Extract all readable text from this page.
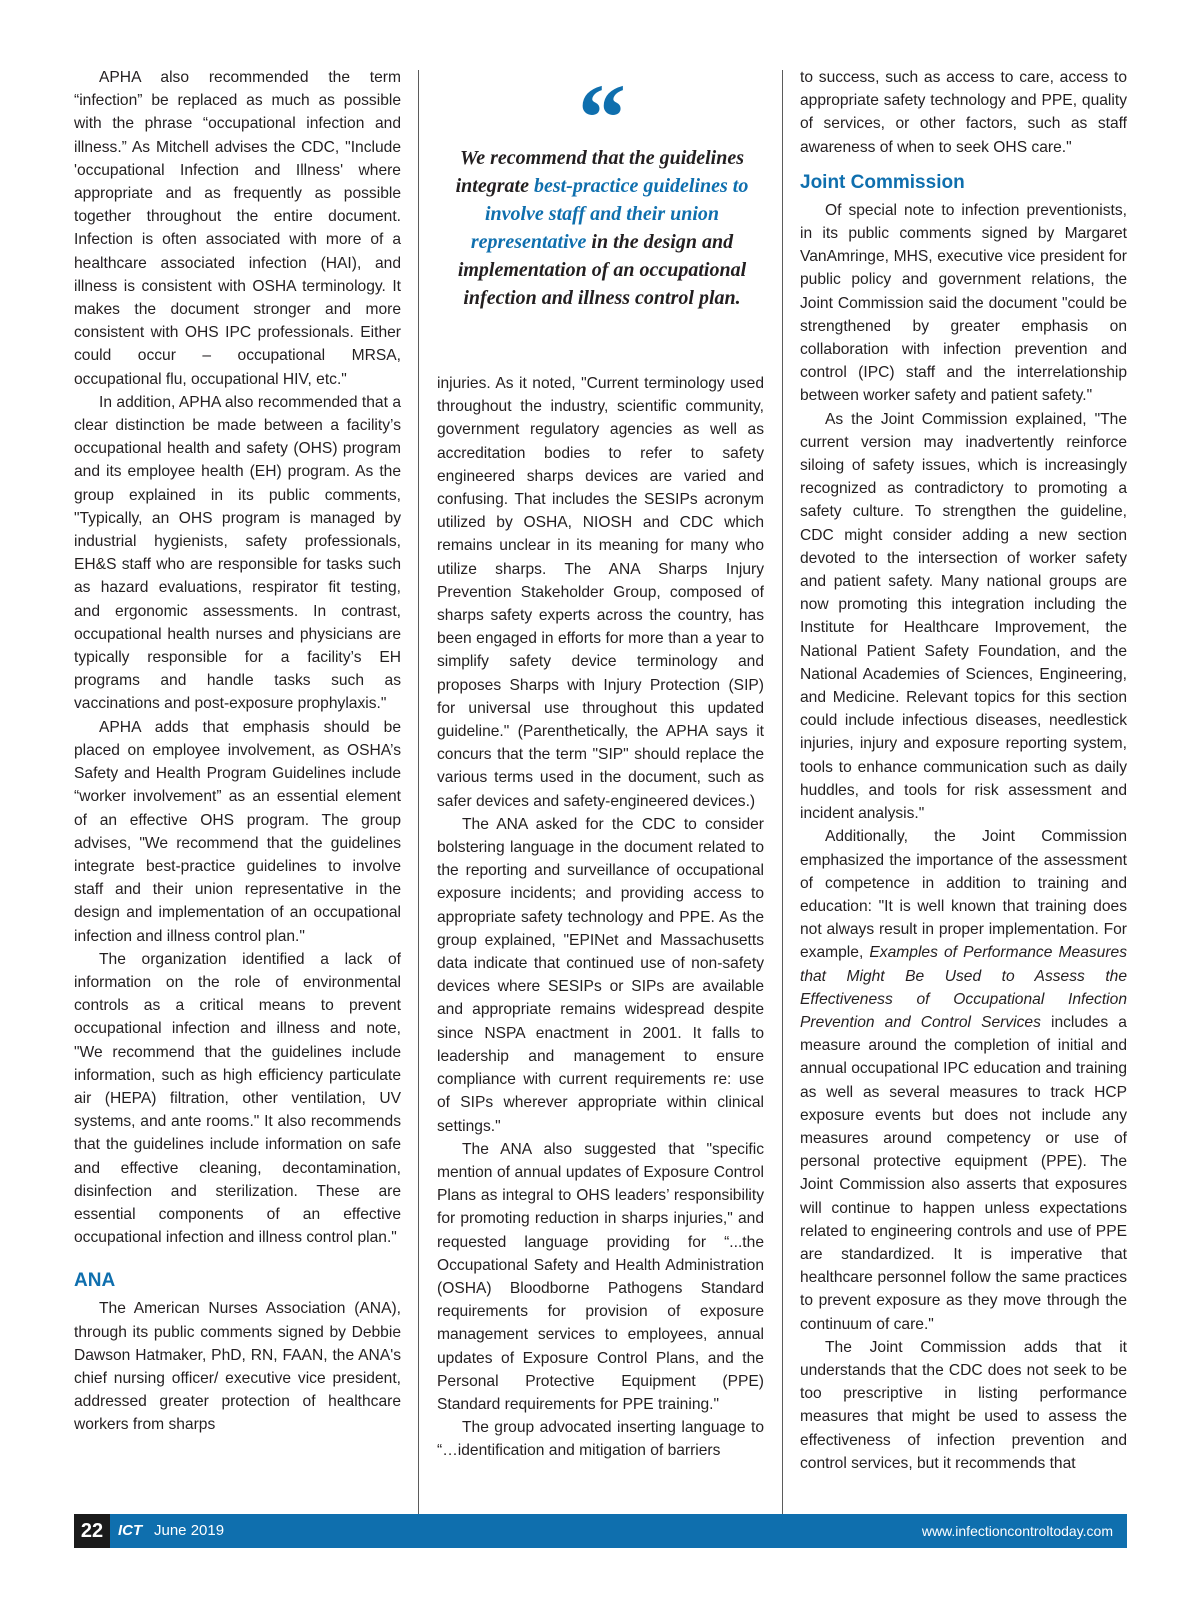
APHA also recommended the term “infection” be replaced as much as possible with the phrase “occupational infection and illness.” As Mitchell advises the CDC, "Include 'occupational Infection and Illness' where appropriate and as frequently as possible together throughout the entire document. Infection is often associated with more of a healthcare associated infection (HAI), and illness is consistent with OSHA terminology. It makes the document stronger and more consistent with OHS IPC professionals. Either could occur – occupational MRSA, occupational flu, occupational HIV, etc."

In addition, APHA also recommended that a clear distinction be made between a facility’s occupational health and safety (OHS) program and its employee health (EH) program. As the group explained in its public comments, "Typically, an OHS program is managed by industrial hygienists, safety professionals, EH&S staff who are responsible for tasks such as hazard evaluations, respirator fit testing, and ergonomic assessments. In contrast, occupational health nurses and physicians are typically responsible for a facility’s EH programs and handle tasks such as vaccinations and post-exposure prophylaxis."

APHA adds that emphasis should be placed on employee involvement, as OSHA’s Safety and Health Program Guidelines include “worker involvement” as an essential element of an effective OHS program. The group advises, "We recommend that the guidelines integrate best-practice guidelines to involve staff and their union representative in the design and implementation of an occupational infection and illness control plan."

The organization identified a lack of information on the role of environmental controls as a critical means to prevent occupational infection and illness and note, "We recommend that the guidelines include information, such as high efficiency particulate air (HEPA) filtration, other ventilation, UV systems, and ante rooms." It also recommends that the guidelines include information on safe and effective cleaning, decontamination, disinfection and sterilization. These are essential components of an effective occupational infection and illness control plan."

ANA

The American Nurses Association (ANA), through its public comments signed by Debbie Dawson Hatmaker, PhD, RN, FAAN, the ANA's chief nursing officer/ executive vice president, addressed greater protection of healthcare workers from sharps

“
We recommend that the guidelines integrate best-practice guidelines to involve staff and their union representative in the design and implementation of an occupational infection and illness control plan.

injuries. As it noted, "Current terminology used throughout the industry, scientific community, government regulatory agencies as well as accreditation bodies to refer to safety engineered sharps devices are varied and confusing. That includes the SESIPs acronym utilized by OSHA, NIOSH and CDC which remains unclear in its meaning for many who utilize sharps. The ANA Sharps Injury Prevention Stakeholder Group, composed of sharps safety experts across the country, has been engaged in efforts for more than a year to simplify safety device terminology and proposes Sharps with Injury Protection (SIP) for universal use throughout this updated guideline." (Parenthetically, the APHA says it concurs that the term "SIP" should replace the various terms used in the document, such as safer devices and safety-engineered devices.)

The ANA asked for the CDC to consider bolstering language in the document related to the reporting and surveillance of occupational exposure incidents; and providing access to appropriate safety technology and PPE. As the group explained, "EPINet and Massachusetts data indicate that continued use of non-safety devices where SESIPs or SIPs are available and appropriate remains widespread despite since NSPA enactment in 2001. It falls to leadership and management to ensure compliance with current requirements re: use of SIPs wherever appropriate within clinical settings."

The ANA also suggested that "specific mention of annual updates of Exposure Control Plans as integral to OHS leaders’ responsibility for promoting reduction in sharps injuries," and requested language providing for “...the Occupational Safety and Health Administration (OSHA) Bloodborne Pathogens Standard requirements for provision of exposure management services to employees, annual updates of Exposure Control Plans, and the Personal Protective Equipment (PPE) Standard requirements for PPE training."

The group advocated inserting language to “…identification and mitigation of barriers

to success, such as access to care, access to appropriate safety technology and PPE, quality of services, or other factors, such as staff awareness of when to seek OHS care."

Joint Commission

Of special note to infection preventionists, in its public comments signed by Margaret VanAmringe, MHS, executive vice president for public policy and government relations, the Joint Commission said the document "could be strengthened by greater emphasis on collaboration with infection prevention and control (IPC) staff and the interrelationship between worker safety and patient safety."

As the Joint Commission explained, "The current version may inadvertently reinforce siloing of safety issues, which is increasingly recognized as contradictory to promoting a safety culture. To strengthen the guideline, CDC might consider adding a new section devoted to the intersection of worker safety and patient safety. Many national groups are now promoting this integration including the Institute for Healthcare Improvement, the National Patient Safety Foundation, and the National Academies of Sciences, Engineering, and Medicine. Relevant topics for this section could include infectious diseases, needlestick injuries, injury and exposure reporting system, tools to enhance communication such as daily huddles, and tools for risk assessment and incident analysis."

Additionally, the Joint Commission emphasized the importance of the assessment of competence in addition to training and education: "It is well known that training does not always result in proper implementation. For example, Examples of Performance Measures that Might Be Used to Assess the Effectiveness of Occupational Infection Prevention and Control Services includes a measure around the completion of initial and annual occupational IPC education and training as well as several measures to track HCP exposure events but does not include any measures around competency or use of personal protective equipment (PPE). The Joint Commission also asserts that exposures will continue to happen unless expectations related to engineering controls and use of PPE are standardized. It is imperative that healthcare personnel follow the same practices to prevent exposure as they move through the continuum of care."

The Joint Commission adds that it understands that the CDC does not seek to be too prescriptive in listing performance measures that might be used to assess the effectiveness of infection prevention and control services, but it recommends that

22 ICT June 2019	www.infectioncontroltoday.com
